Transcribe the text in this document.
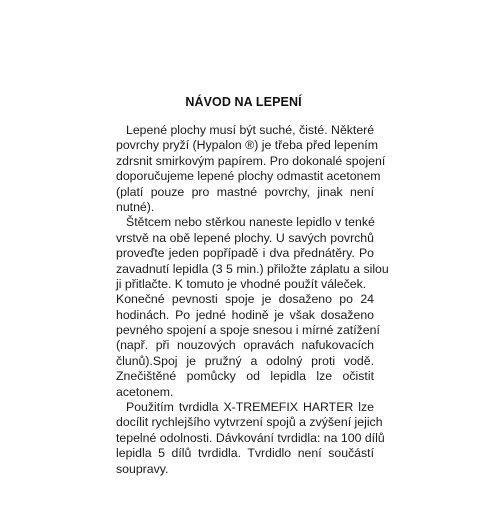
NÁVOD NA LEPENÍ
Lepené plochy musí být suché, čisté. Některé
povrchy pryží (Hypalon ®) je třeba před lepením
zdrsnit smirkovým papírem. Pro dokonalé spojení
doporučujeme lepené plochy odmastit acetonem
(platí pouze pro mastné povrchy, jinak není
nutné).
Štětcem nebo stěrkou naneste lepidlo v tenké
vrstvě na obě lepené plochy. U savých povrchů
proveďte jeden popřípadě i dva přednátěry. Po
zavadnutí lepidla (3 5 min.) přiložte záplatu a silou
ji přitlačte. K tomuto je vhodné použít váleček.
Konečné pevnosti spoje je dosaženo po 24
hodinách. Po jedné hodině je však dosaženo
pevného spojení a spoje snesou i mírné zatížení
(např. při nouzových opravách nafukovacích
člunů).Spoj je pružný a odolný proti vodě.
Znečištěné pomůcky od lepidla lze očistit
acetonem.
Použitím tvrdidla X-TREMEFIX HARTER lze
docílit rychlejšího vytvrzení spojů a zvýšení jejich
tepelné odolnosti. Dávkování tvrdidla: na 100 dílů
lepidla 5 dílů tvrdidla. Tvrdidlo není součástí
soupravy.
